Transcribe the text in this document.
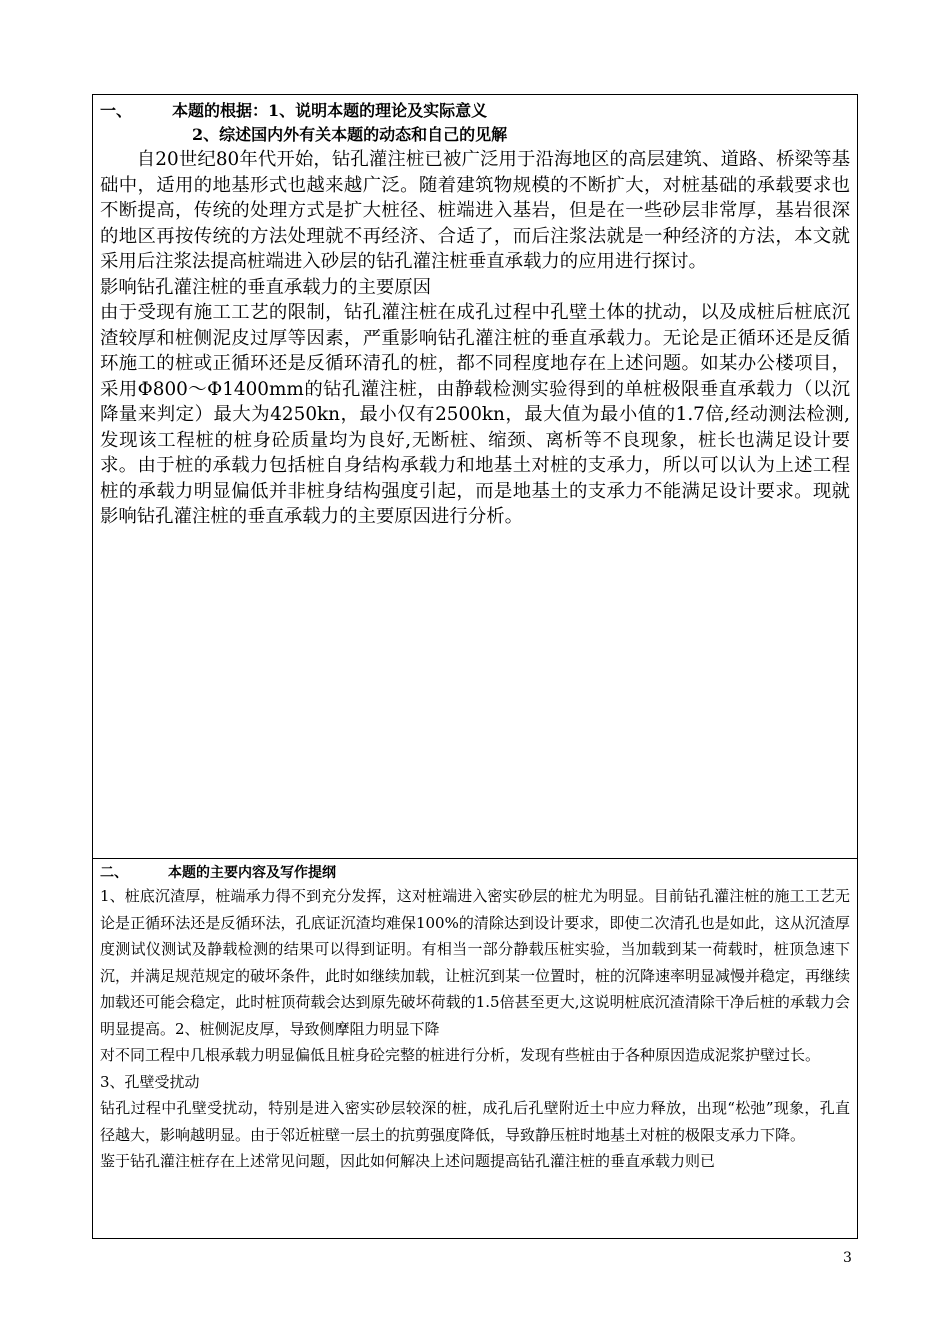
一、 本题的根据：1、说明本题的理论及实际意义
2、综述国内外有关本题的动态和自己的见解

自20世纪80年代开始，钻孔灌注桩已被广泛用于沿海地区的高层建筑、道路、桥梁等基础中，适用的地基形式也越来越广泛。随着建筑物规模的不断扩大，对桩基础的承载要求也不断提高，传统的处理方式是扩大桩径、桩端进入基岩，但是在一些砂层非常厚，基岩很深的地区再按传统的方法处理就不再经济、合适了，而后注浆法就是一种经济的方法，本文就采用后注浆法提高桩端进入砂层的钻孔灌注桩垂直承载力的应用进行探讨。

影响钻孔灌注桩的垂直承载力的主要原因

由于受现有施工工艺的限制，钻孔灌注桩在成孔过程中孔壁土体的扰动，以及成桩后桩底沉渣较厚和桩侧泥皮过厚等因素，严重影响钻孔灌注桩的垂直承载力。无论是正循环还是反循环施工的桩或正循环还是反循环清孔的桩，都不同程度地存在上述问题。如某办公楼项目，采用Φ800～Φ1400mm的钻孔灌注桩，由静载检测实验得到的单桩极限垂直承载力（以沉降量来判定）最大为4250kn，最小仅有2500kn，最大值为最小值的1.7倍,经动测法检测,发现该工程桩的桩身砼质量均为良好,无断桩、缩颈、离析等不良现象，桩长也满足设计要求。由于桩的承载力包括桩自身结构承载力和地基土对桩的支承力，所以可以认为上述工程桩的承载力明显偏低并非桩身结构强度引起，而是地基土的支承力不能满足设计要求。现就影响钻孔灌注桩的垂直承载力的主要原因进行分析。

二、	本题的主要内容及写作提纲

1、桩底沉渣厚，桩端承力得不到充分发挥，这对桩端进入密实砂层的桩尤为明显。目前钻孔灌注桩的施工工艺无论是正循环法还是反循环法，孔底证沉渣均难保100%的清除达到设计要求，即使二次清孔也是如此，这从沉渣厚度测试仪测试及静载检测的结果可以得到证明。有相当一部分静载压桩实验，当加载到某一荷载时，桩顶急速下沉，并满足规范规定的破坏条件，此时如继续加载，让桩沉到某一位置时，桩的沉降速率明显减慢并稳定，再继续加载还可能会稳定，此时桩顶荷载会达到原先破坏荷载的1.5倍甚至更大,这说明桩底沉渣清除干净后桩的承载力会明显提高。2、桩侧泥皮厚，导致侧摩阻力明显下降

对不同工程中几根承载力明显偏低且桩身砼完整的桩进行分析，发现有些桩由于各种原因造成泥浆护壁过长。

3、孔壁受扰动

钻孔过程中孔壁受扰动，特别是进入密实砂层较深的桩，成孔后孔壁附近土中应力释放，出现“松弛”现象，孔直径越大，影响越明显。由于邻近桩壁一层土的抗剪强度降低，导致静压桩时地基土对桩的极限支承力下降。

鉴于钻孔灌注桩存在上述常见问题，因此如何解决上述问题提高钻孔灌注桩的垂直承载力则已

3
